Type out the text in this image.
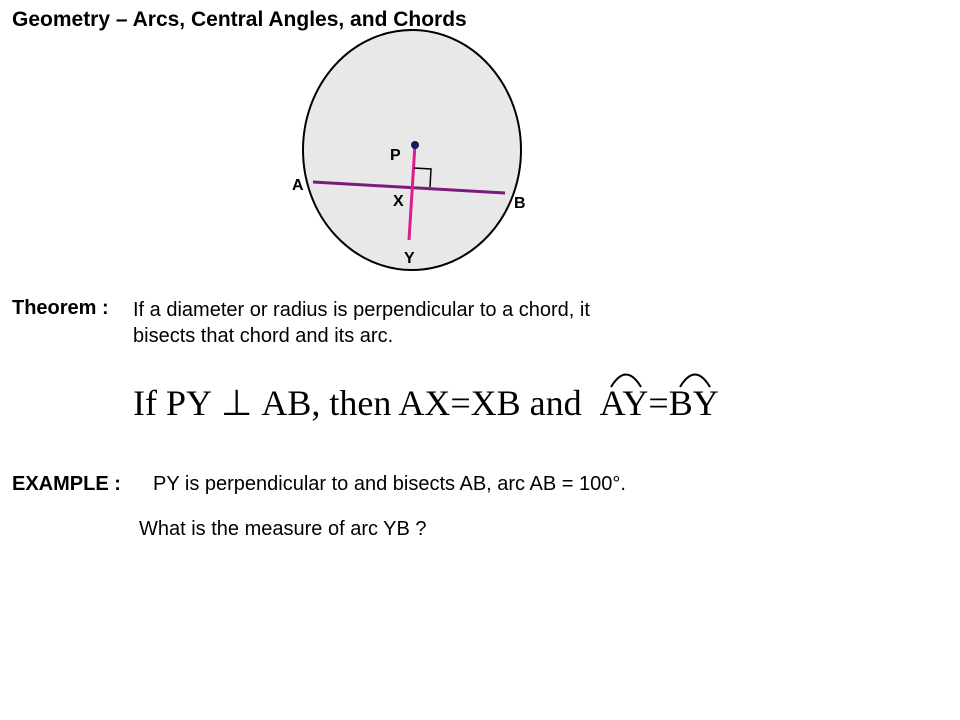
Geometry – Arcs, Central Angles, and Chords
P
A
X	B
Y
Theorem : If a diameter or radius is perpendicular to a chord, it
bisects that chord and its arc.
If PY ⊥ AB, then AX=XB and AY=
BY
EXAMPLE : PY is perpendicular to and bisects AB, arc AB = 100°.
What is the measure of arc YB ?
